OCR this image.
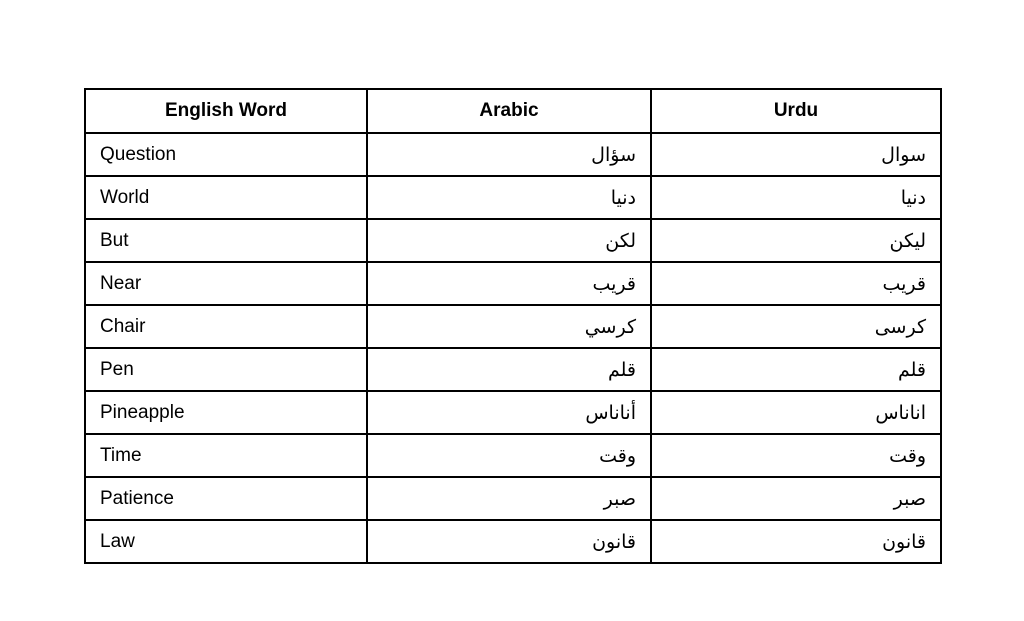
English Word	Arabic	Urdu
Question	سؤال	سوال
World	دنيا	دنیا
But	لكن	لیکن
Near	قريب	قریب
Chair	كرسي	کرسی
Pen	قلم	قلم
Pineapple	أناناس	اناناس
Time	وقت	وقت
Patience	صبر	صبر
Law	قانون	قانون
